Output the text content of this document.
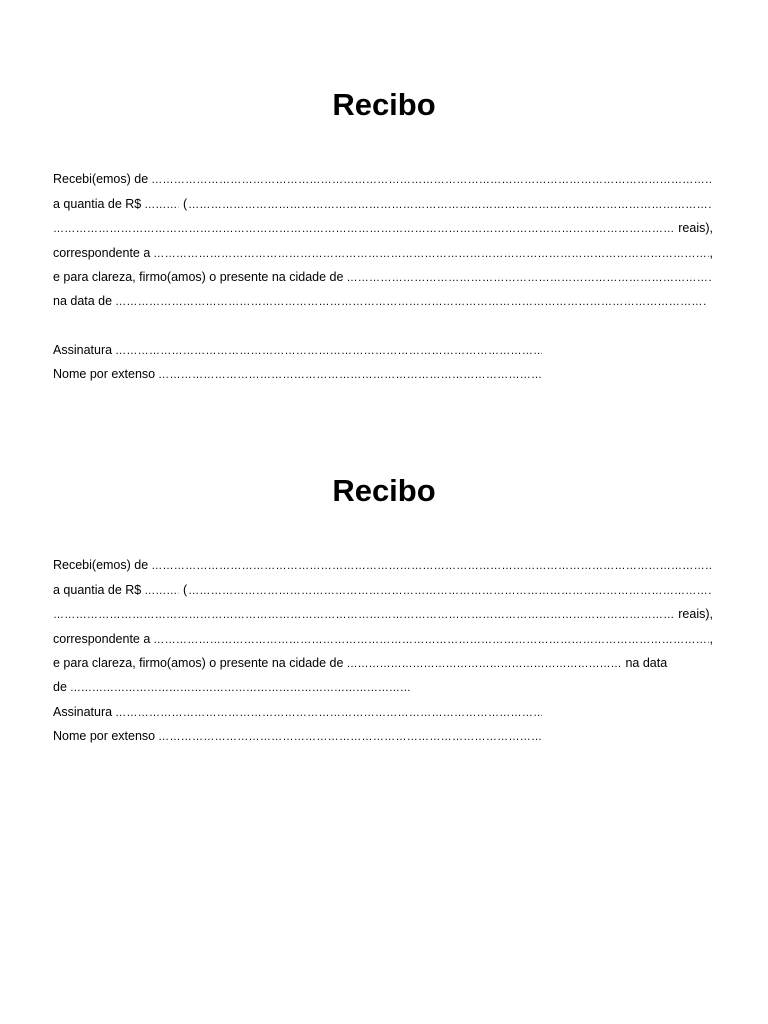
Recibo
Recebi(emos) de
…………………………………………………………………………………………………………………………………………………………………………………………………………………………………………………………………………………………………………………………………………………
a quantia de R$ …………………………………………………………………………………………………………………………	(
…………………………………………………………………………………………………………………………………………………………………………………………………………………………………………………………………………………………………………………………………………………
…………………………………………………………………………………………………………………………………………………………………………………………………………………………………………………………………………………………………………………………………………………
reais),
correspondente a …………………………………………………………………………………………………………………………………………………………………………………………………………………………………………………………………………………………………………………………………………………	,
e para clareza, firmo(amos) o presente na cidade de
…………………………………………………………………………………………………………………………………………………………………………………………………………………………………………………………………………………………………………………………………………………
na data de
…………………………………………………………………………………………………………………………………………………………………………………………………………………………………………………………………………………………………………………………………………………
Assinatura
…………………………………………………………………………………………………………………………………………………………………………………………………………………………………………………………………………………………………………………………………………………
Nome por extenso
…………………………………………………………………………………………………………………………………………………………………………………………………………………………………………………………………………………………………………………………………………………
Recibo
Recebi(emos) de
…………………………………………………………………………………………………………………………………………………………………………………………………………………………………………………………………………………………………………………………………………………
a quantia de R$ …………………………………………………………………………………………………………………………	(
…………………………………………………………………………………………………………………………………………………………………………………………………………………………………………………………………………………………………………………………………………………
…………………………………………………………………………………………………………………………………………………………………………………………………………………………………………………………………………………………………………………………………………………
reais),
correspondente a …………………………………………………………………………………………………………………………………………………………………………………………………………………………………………………………………………………………………………………………………………………	,
e para clareza, firmo(amos) o presente na cidade de …………………………………………………………………………………………………………………………	na data
de
…………………………………………………………………………………………………………………………
Assinatura
…………………………………………………………………………………………………………………………………………………………………………………………………………………………………………………………………………………………………………………………………………………
Nome por extenso
…………………………………………………………………………………………………………………………………………………………………………………………………………………………………………………………………………………………………………………………………………………
